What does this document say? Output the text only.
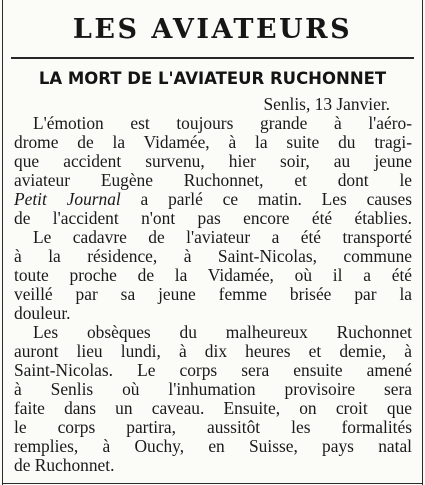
LES AVIATEURS
LA MORT DE L'AVIATEUR RUCHONNET
Senlis, 13 Janvier.
L'émotion est toujours grande à l'aéro-
drome de la Vidamée, à la suite du tragi-
que accident survenu, hier soir, au jeune
aviateur Eugène Ruchonnet, et dont le
Petit Journal a parlé ce matin. Les causes
de l'accident n'ont pas encore été établies.
Le cadavre de l'aviateur a été transporté
à la résidence, à Saint-Nicolas, commune
toute proche de la Vidamée, où il a été
veillé par sa jeune femme brisée par la
douleur.
Les obsèques du malheureux Ruchonnet
auront lieu lundi, à dix heures et demie, à
Saint-Nicolas. Le corps sera ensuite amené
à Senlis où l'inhumation provisoire sera
faite dans un caveau. Ensuite, on croit que
le corps partira, aussitôt les formalités
remplies, à Ouchy, en Suisse, pays natal
de Ruchonnet.
